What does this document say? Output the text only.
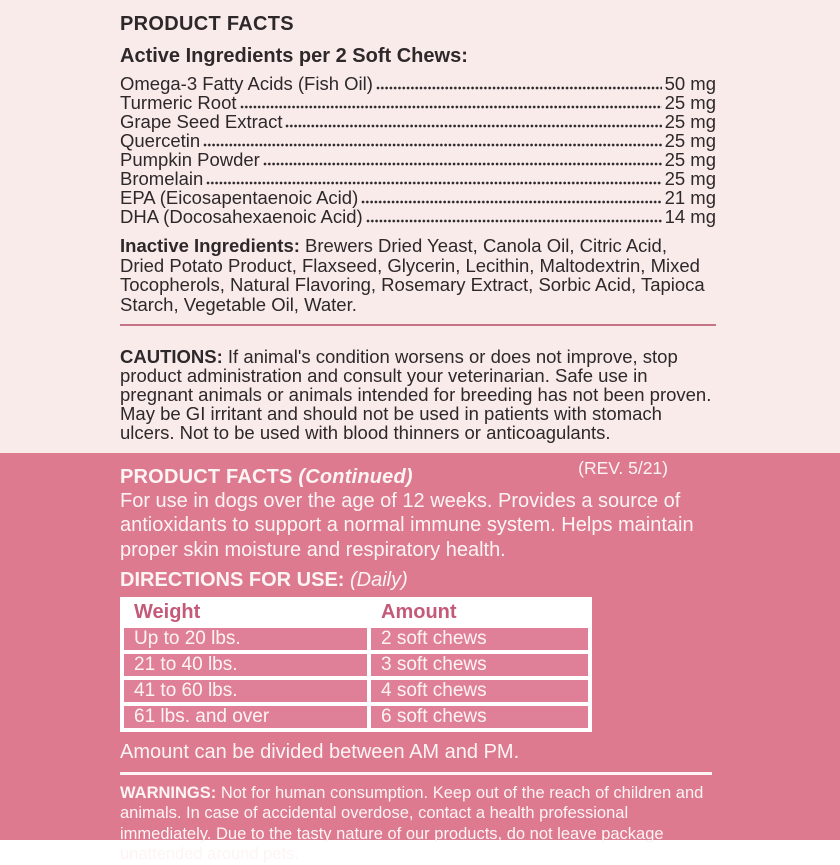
PRODUCT FACTS
Active Ingredients per 2 Soft Chews:
Omega-3 Fatty Acids (Fish Oil)	50 mg
Turmeric Root	25 mg
Grape Seed Extract	25 mg
Quercetin	25 mg
Pumpkin Powder	25 mg
Bromelain	25 mg
EPA (Eicosapentaenoic Acid)	21 mg
DHA (Docosahexaenoic Acid)	14 mg
Inactive Ingredients: Brewers Dried Yeast, Canola Oil, Citric Acid, Dried Potato Product, Flaxseed, Glycerin, Lecithin, Maltodextrin, Mixed Tocopherols, Natural Flavoring, Rosemary Extract, Sorbic Acid, Tapioca Starch, Vegetable Oil, Water.
CAUTIONS: If animal's condition worsens or does not improve, stop product administration and consult your veterinarian. Safe use in pregnant animals or animals intended for breeding has not been proven. May be GI irritant and should not be used in patients with stomach ulcers. Not to be used with blood thinners or anticoagulants.
(REV. 5/21)
PRODUCT FACTS (Continued)
For use in dogs over the age of 12 weeks. Provides a source of antioxidants to support a normal immune system. Helps maintain proper skin moisture and respiratory health.
DIRECTIONS FOR USE: (Daily)
Weight	Amount
Up to 20 lbs.	2 soft chews
21 to 40 lbs.	3 soft chews
41 to 60 lbs.	4 soft chews
61 lbs. and over	6 soft chews
Amount can be divided between AM and PM.
WARNINGS: Not for human consumption. Keep out of the reach of children and animals. In case of accidental overdose, contact a health professional immediately. Due to the tasty nature of our products, do not leave package unattended around pets.
